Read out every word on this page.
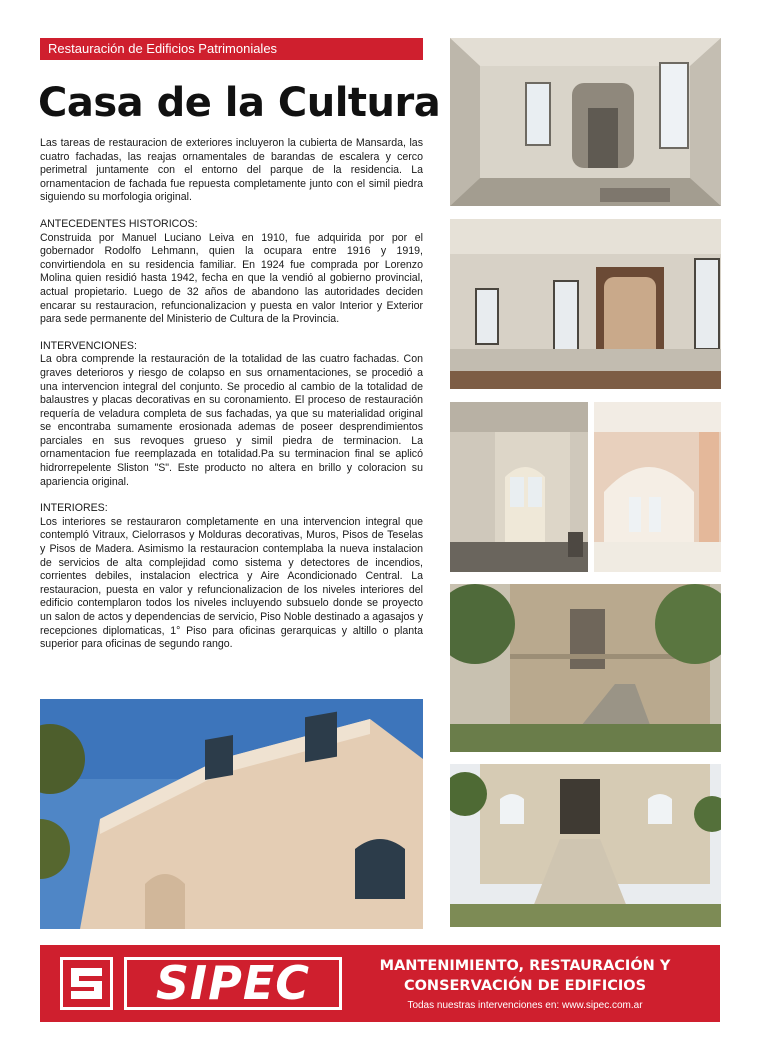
Restauración de Edificios Patrimoniales
Casa de la Cultura

Las tareas de restauracion de exteriores incluyeron la cubierta de Mansarda, las cuatro fachadas, las reajas ornamentales de barandas de escalera y cerco perimetral juntamente con el entorno del parque de la residencia. La ornamentacion de fachada fue repuesta completamente junto con el simil piedra siguiendo su morfologia original.

ANTECEDENTES HISTORICOS:
Construida por Manuel Luciano Leiva en 1910, fue adquirida por por el gobernador Rodolfo Lehmann, quien la ocupara entre 1916 y 1919, convirtiendola en su residencia familiar. En 1924 fue comprada por Lorenzo Molina quien residió hasta 1942, fecha en que la vendió al gobierno provincial, actual propietario. Luego de 32 años de abandono las autoridades deciden encarar su restauracion, refuncionalizacion y puesta en valor Interior y Exterior para sede permanente del Ministerio de Cultura de la Provincia.

INTERVENCIONES:
La obra comprende la restauración de la totalidad de las cuatro fachadas. Con graves deterioros y riesgo de colapso en sus ornamentaciones, se procedió a una intervencion integral del conjunto. Se procedio al cambio de la totalidad de balaustres y placas decorativas en su coronamiento. El proceso de restauración requería de veladura completa de sus fachadas, ya que su materialidad original se encontraba sumamente erosionada ademas de poseer desprendimientos parciales en sus revoques grueso y simil piedra de terminacion. La ornamentacion fue reemplazada en totalidad.Pa su terminacion final se aplicó hidrorrepelente Sliston "S". Este producto no altera en brillo y coloracion su apariencia original.

INTERIORES:
Los interiores se restauraron completamente en una intervencion integral que contempló Vitraux, Cielorrasos y Molduras decorativas, Muros, Pisos de Teselas y Pisos de Madera. Asimismo la restauracion contemplaba la nueva instalacion de servicios de alta complejidad como sistema y detectores de incendios, corrientes debiles, instalacion electrica y Aire Acondicionado Central. La restauracion, puesta en valor y refuncionalizacion de los niveles interiores del edificio contemplaron todos los niveles incluyendo subsuelo donde se proyecto un salon de actos y dependencias de servicio, Piso Noble destinado a agasajos y recepciones diplomaticas, 1° Piso para oficinas gerarquicas y altillo o planta superior para oficinas de segundo rango.

SIPEC	MANTENIMIENTO, RESTAURACIÓN Y CONSERVACIÓN DE EDIFICIOS
Todas nuestras intervenciones en: www.sipec.com.ar
